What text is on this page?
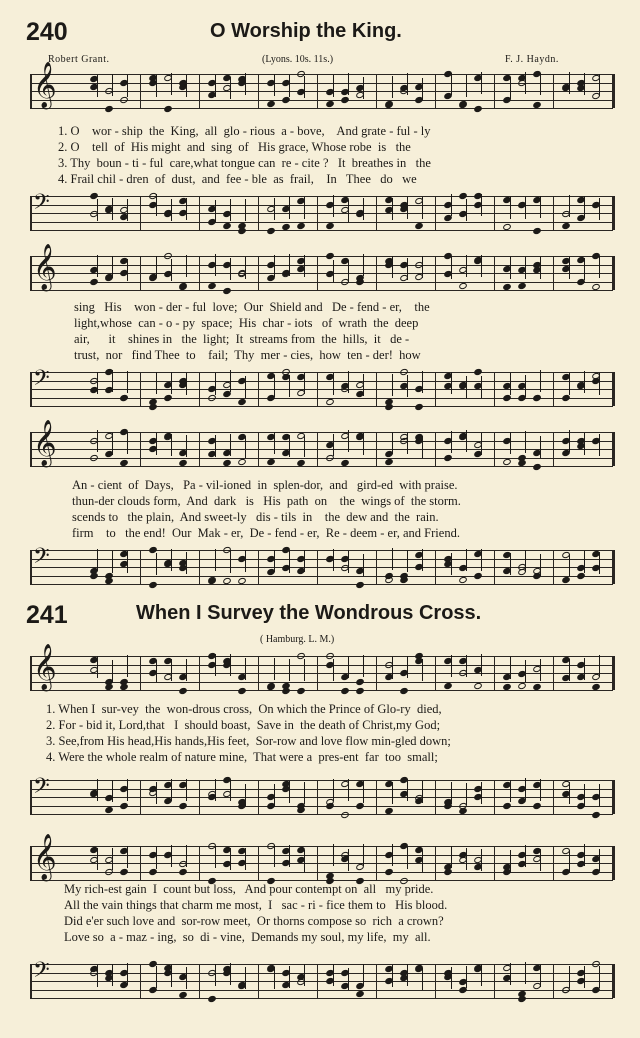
240	O Worship the King.
Robert Grant.	(Lyons. 10s. 11s.)	F. J. Haydn.
𝄞
𝄢
1. O    wor - ship  the  King,  all  glo - rious  a - bove,    And grate - ful - ly
2. O    tell  of  His might  and  sing  of   His grace, Whose robe  is   the
3. Thy  boun - ti - ful  care,what tongue can  re - cite ?   It  breathes in   the
4. Frail chil - dren  of  dust,  and  fee - ble  as  frail,    In   Thee   do   we
𝄞
𝄢
sing   His    won - der - ful  love;  Our  Shield and   De - fend - er,    the
light,whose  can - o - py  space;  His  char - iots   of  wrath  the  deep
air,      it    shines in   the  light;  It  streams from  the  hills,  it   de -
trust,  nor   find Thee  to    fail;  Thy  mer - cies,  how  ten - der!  how
𝄞
𝄢
An - cient  of  Days,   Pa - vil-ioned  in  splen-dor,  and   gird-ed  with praise.
thun-der clouds form,  And  dark   is   His  path  on    the  wings of  the storm.
scends to   the plain,  And sweet-ly   dis - tils  in    the  dew and  the  rain.
firm    to   the end!  Our  Mak - er,  De - fend - er,  Re - deem - er, and Friend.
241	When I Survey the Wondrous Cross.
( Hamburg. L. M.)
𝄞
𝄢
1. When I  sur-vey  the  won-drous cross,  On which the Prince of Glo-ry  died,
2. For - bid it, Lord,that   I  should boast,  Save in  the death of Christ,my God;
3. See,from His head,His hands,His feet,  Sor-row and love flow min-gled down;
4. Were the whole realm of nature mine,  That were a  pres-ent  far  too  small;
𝄞
𝄢
My rich-est gain  I  count but loss,   And pour contempt on  all   my pride.
All the vain things that charm me most,  I   sac - ri - fice them to   His blood.
Did e'er such love and  sor-row meet,  Or thorns compose so  rich  a crown?
Love so  a - maz - ing,  so  di - vine,  Demands my soul, my life,  my  all.
